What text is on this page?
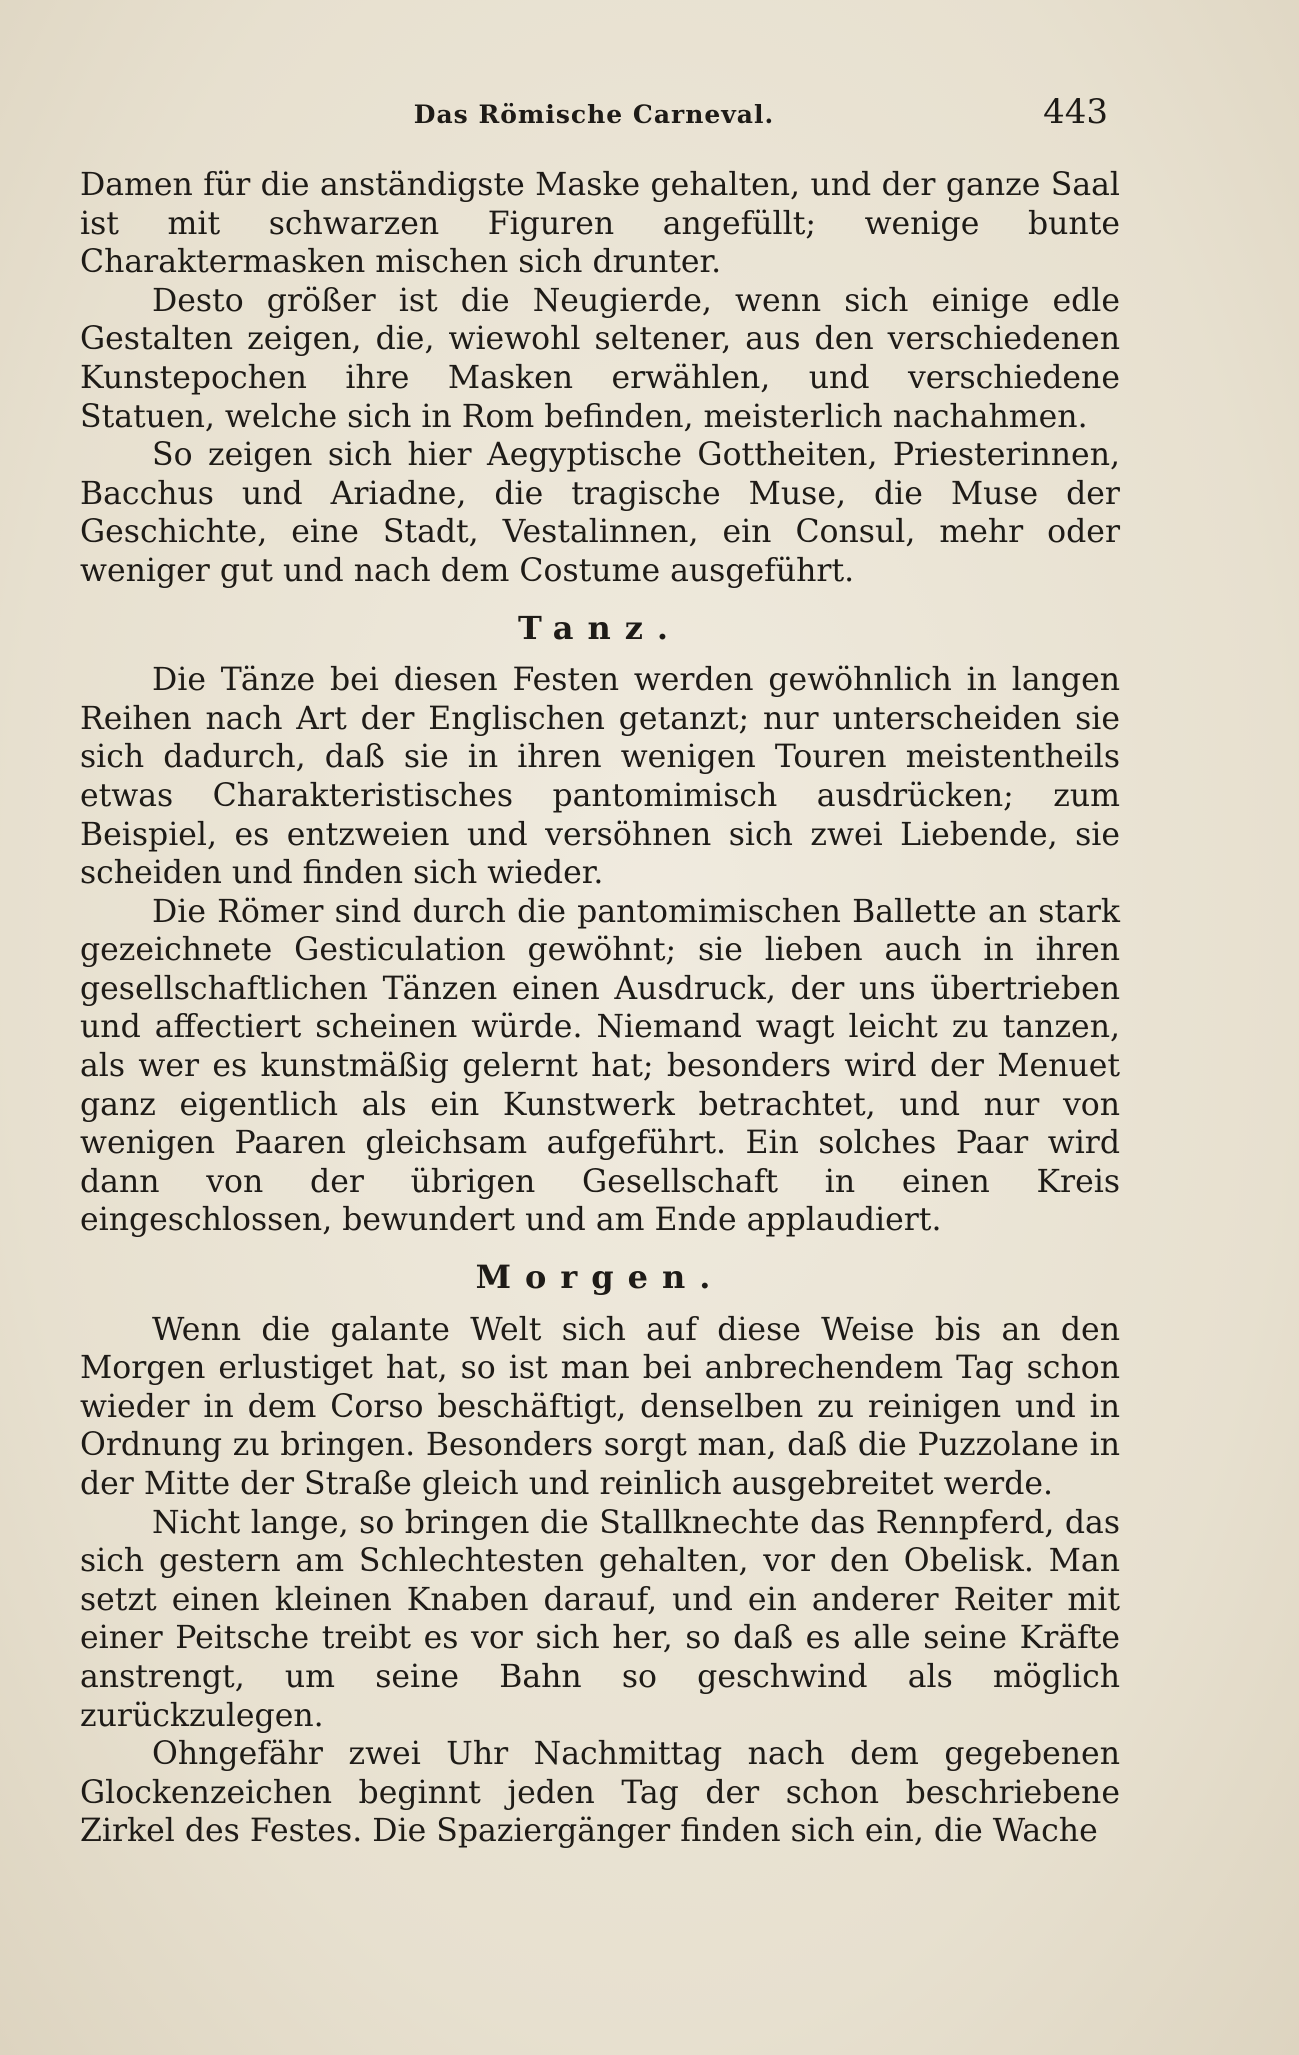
Das Römische Carneval.	443

Damen für die anständigste Maske gehalten, und der ganze Saal ist mit schwarzen Figuren angefüllt; wenige bunte Charaktermasken mischen sich drunter.

Desto größer ist die Neugierde, wenn sich einige edle Gestalten zeigen, die, wiewohl seltener, aus den verschiedenen Kunstepochen ihre Masken erwählen, und verschiedene Statuen, welche sich in Rom befinden, meisterlich nachahmen.

So zeigen sich hier Aegyptische Gottheiten, Priesterinnen, Bacchus und Ariadne, die tragische Muse, die Muse der Geschichte, eine Stadt, Vestalinnen, ein Consul, mehr oder weniger gut und nach dem Costume ausgeführt.

Tanz.

Die Tänze bei diesen Festen werden gewöhnlich in langen Reihen nach Art der Englischen getanzt; nur unterscheiden sie sich dadurch, daß sie in ihren wenigen Touren meistentheils etwas Charakteristisches pantomimisch ausdrücken; zum Beispiel, es entzweien und versöhnen sich zwei Liebende, sie scheiden und finden sich wieder.

Die Römer sind durch die pantomimischen Ballette an stark gezeichnete Gesticulation gewöhnt; sie lieben auch in ihren gesellschaftlichen Tänzen einen Ausdruck, der uns übertrieben und affectiert scheinen würde. Niemand wagt leicht zu tanzen, als wer es kunstmäßig gelernt hat; besonders wird der Menuet ganz eigentlich als ein Kunstwerk betrachtet, und nur von wenigen Paaren gleichsam aufgeführt. Ein solches Paar wird dann von der übrigen Gesellschaft in einen Kreis eingeschlossen, bewundert und am Ende applaudiert.

Morgen.

Wenn die galante Welt sich auf diese Weise bis an den Morgen erlustiget hat, so ist man bei anbrechendem Tag schon wieder in dem Corso beschäftigt, denselben zu reinigen und in Ordnung zu bringen. Besonders sorgt man, daß die Puzzolane in der Mitte der Straße gleich und reinlich ausgebreitet werde.

Nicht lange, so bringen die Stallknechte das Rennpferd, das sich gestern am Schlechtesten gehalten, vor den Obelisk. Man setzt einen kleinen Knaben darauf, und ein anderer Reiter mit einer Peitsche treibt es vor sich her, so daß es alle seine Kräfte anstrengt, um seine Bahn so geschwind als möglich zurückzulegen.

Ohngefähr zwei Uhr Nachmittag nach dem gegebenen Glockenzeichen beginnt jeden Tag der schon beschriebene Zirkel des Festes. Die Spaziergänger finden sich ein, die Wache
